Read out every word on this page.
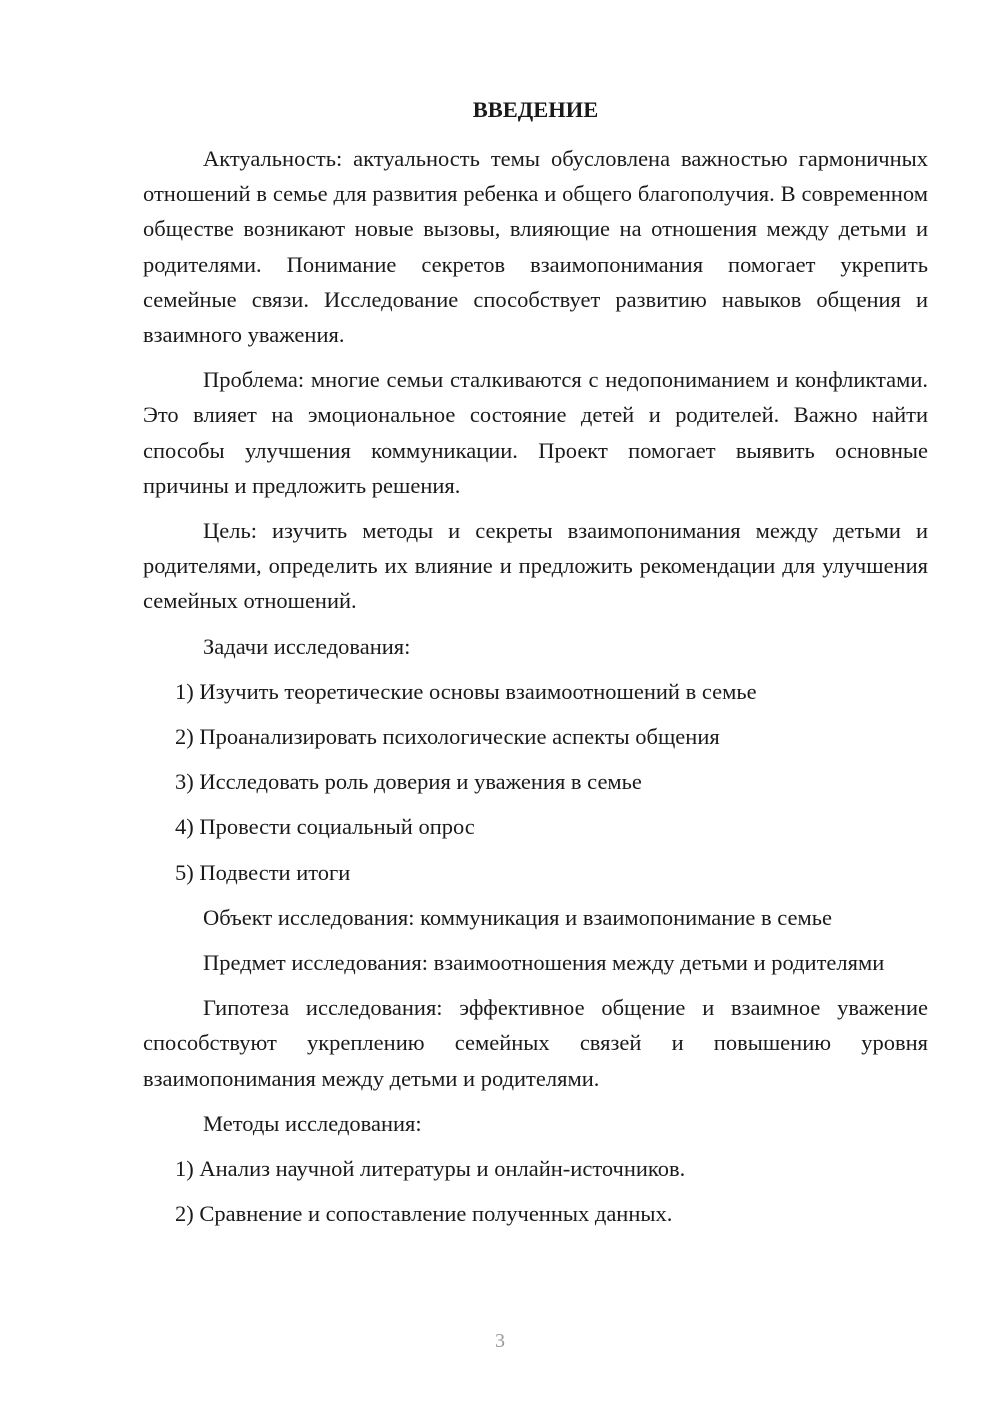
ВВЕДЕНИЕ

Актуальность: актуальность темы обусловлена важностью гармоничных отношений в семье для развития ребенка и общего благополучия. В современном обществе возникают новые вызовы, влияющие на отношения между детьми и родителями. Понимание секретов взаимопонимания помогает укрепить семейные связи. Исследование способствует развитию навыков общения и взаимного уважения.

Проблема: многие семьи сталкиваются с недопониманием и конфликтами. Это влияет на эмоциональное состояние детей и родителей. Важно найти способы улучшения коммуникации. Проект помогает выявить основные причины и предложить решения.

Цель: изучить методы и секреты взаимопонимания между детьми и родителями, определить их влияние и предложить рекомендации для улучшения семейных отношений.

Задачи исследования:

1) Изучить теоретические основы взаимоотношений в семье
2) Проанализировать психологические аспекты общения
3) Исследовать роль доверия и уважения в семье
4) Провести социальный опрос
5) Подвести итоги

Объект исследования: коммуникация и взаимопонимание в семье

Предмет исследования: взаимоотношения между детьми и родителями

Гипотеза исследования: эффективное общение и взаимное уважение способствуют укреплению семейных связей и повышению уровня взаимопонимания между детьми и родителями.

Методы исследования:

1) Анализ научной литературы и онлайн-источников.
2) Сравнение и сопоставление полученных данных.
3
